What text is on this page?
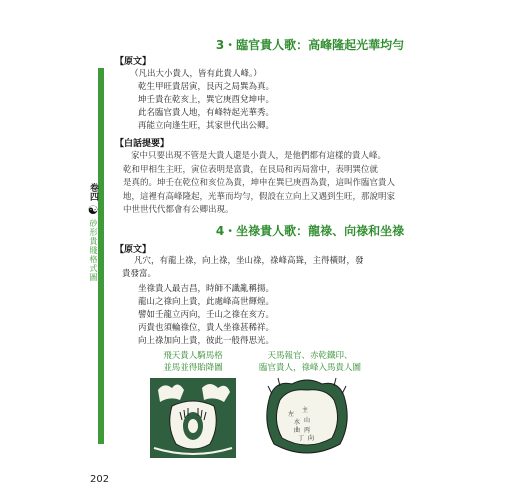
卷四
☯
砂形貴賤格式圖
3・臨官貴人歌：高峰隆起光華均勻
【原文】
（凡出大小貴人，皆有此貴人峰。）
乾生甲旺貴居寅，艮丙之局巽為真。
坤壬貴在乾亥上，巽它庚酉兌坤申。
此名臨官貴人地，有峰特起光華秀。
再能立向逢生旺，其家世代出公卿。
【白話提要】
家中只要出現不管是大貴人還是小貴人，是他們都有這樣的貴人峰。
乾和甲相生主旺，寅位表明是富貴，在艮局和丙局當中，表明巽位就
是真的。坤壬在乾位和亥位為貴，坤申在巽巳庚酉為貴，這叫作臨官貴人
地，這裡有高峰隆起，光華而均勻，假設在立向上又遇到生旺，那說明家
中世世代代都會有公卿出現。
4・坐祿貴人歌：龍祿、向祿和坐祿
【原文】
凡穴，有龍上祿，向上祿，坐山祿，祿峰高聳，主得橫財，發
貴發富。
坐祿貴人最吉昌，時師不識亂稱揚。
龍山之祿向上貴，此處峰高世輝煌。
譬如壬龍立丙向，壬山之祿在亥方。
丙貴也須輪祿位，貴人坐祿甚稀祥。
向上祿加向上貴，彼此一般得思光。
飛天貴人騎馬格
並馬並得貽降圖
天馬報官、赤乾鐵印、
臨官貴人，祿峰入馬貴人圖
左
主
水 山
曲 丙
丁 向
202
